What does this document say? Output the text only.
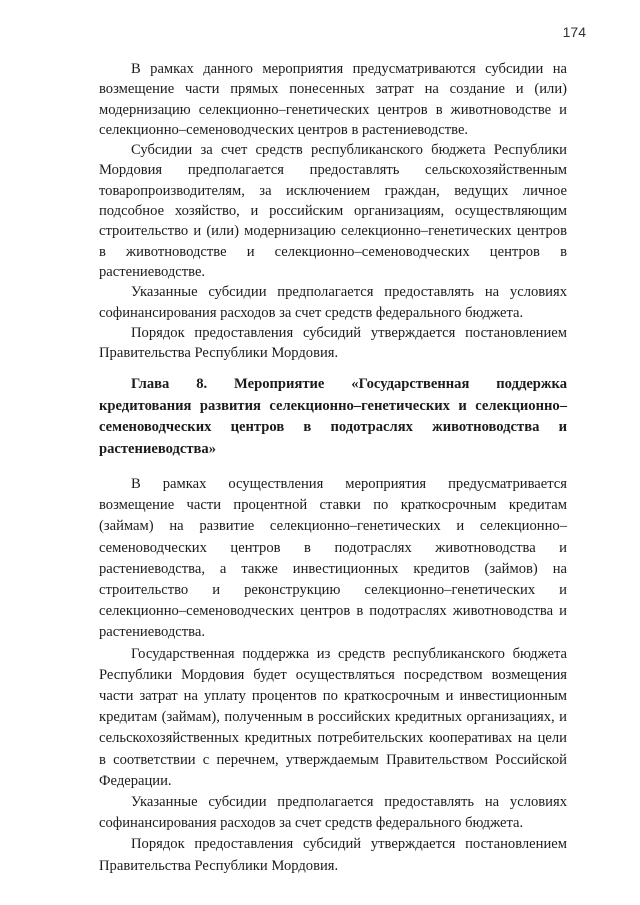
174

В рамках данного мероприятия предусматриваются субсидии на возмещение части прямых понесенных затрат на создание и (или) модернизацию селекционно–генетических центров в животноводстве и селекционно–семеноводческих центров в растениеводстве.

Субсидии за счет средств республиканского бюджета Республики Мордовия предполагается предоставлять сельскохозяйственным товаропроизводителям, за исключением граждан, ведущих личное подсобное хозяйство, и российским организациям, осуществляющим строительство и (или) модернизацию селекционно–генетических центров в животноводстве и селекционно–семеноводческих центров в растениеводстве.

Указанные субсидии предполагается предоставлять на условиях софинансирования расходов за счет средств федерального бюджета.

Порядок предоставления субсидий утверждается постановлением Правительства Республики Мордовия.

Глава 8. Мероприятие «Государственная поддержка кредитования развития селекционно–генетических и селекционно–семеноводческих центров в подотраслях животноводства и растениеводства»

В рамках осуществления мероприятия предусматривается возмещение части процентной ставки по краткосрочным кредитам (займам) на развитие селекционно–генетических и селекционно–семеноводческих центров в подотраслях животноводства и растениеводства, а также инвестиционных кредитов (займов) на строительство и реконструкцию селекционно–генетических и селекционно–семеноводческих центров в подотраслях животноводства и растениеводства.

Государственная поддержка из средств республиканского бюджета Республики Мордовия будет осуществляться посредством возмещения части затрат на уплату процентов по краткосрочным и инвестиционным кредитам (займам), полученным в российских кредитных организациях, и сельскохозяйственных кредитных потребительских кооперативах на цели в соответствии с перечнем, утверждаемым Правительством Российской Федерации.

Указанные субсидии предполагается предоставлять на условиях софинансирования расходов за счет средств федерального бюджета.

Порядок предоставления субсидий утверждается постановлением Правительства Республики Мордовия.
